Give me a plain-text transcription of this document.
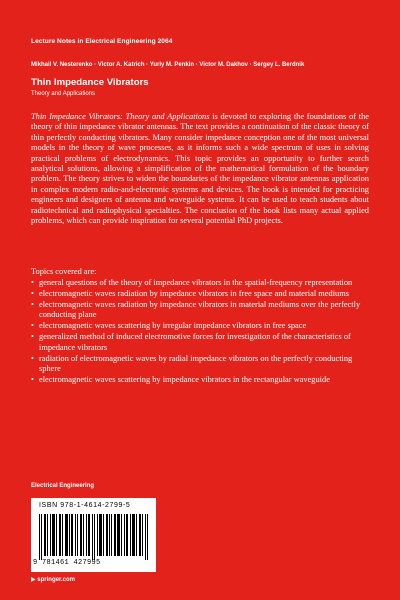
Lecture Notes in Electrical Engineering 2064
Mikhail V. Nesterenko · Victor A. Katrich · Yuriy M. Penkin · Victor M. Dakhov · Sergey L. Berdnik
Thin Impedance Vibrators
Theory and Applications
Thin Impedance Vibrators: Theory and Applications is devoted to exploring the foundations of the theory of thin impedance vibrator antennas. The text provides a continuation of the classic theory of thin perfectly conducting vibrators. Many consider impedance conception one of the most universal models in the theory of wave processes, as it informs such a wide spectrum of uses in solving practical problems of electrodynamics. This topic provides an opportunity to further search analytical solutions, allowing a simplification of the mathematical formulation of the boundary problem. The theory strives to widen the boundaries of the impedance vibrator antennas application in complex modern radio-and-electronic systems and devices. The book is intended for practicing engineers and designers of antenna and waveguide systems. It can be used to teach students about radiotechnical and radiophysical specialties. The conclusion of the book lists many actual applied problems, which can provide inspiration for several potential PhD projects.
Topics covered are:
• general questions of the theory of impedance vibrators in the spatial-frequency representation
• electromagnetic waves radiation by impedance vibrators in free space and material mediums
• electromagnetic waves radiation by impedance vibrators in material mediums over the perfectly conducting plane
• electromagnetic waves scattering by irregular impedance vibrators in free space
• generalized method of induced electromotive forces for investigation of the characteristics of impedance vibrators
• radiation of electromagnetic waves by radial impedance vibrators on the perfectly conducting sphere
• electromagnetic waves scattering by impedance vibrators in the rectangular waveguide
Electrical Engineering
ISBN 978-1-4614-2799-5
9 781461 427995
▶ springer.com
